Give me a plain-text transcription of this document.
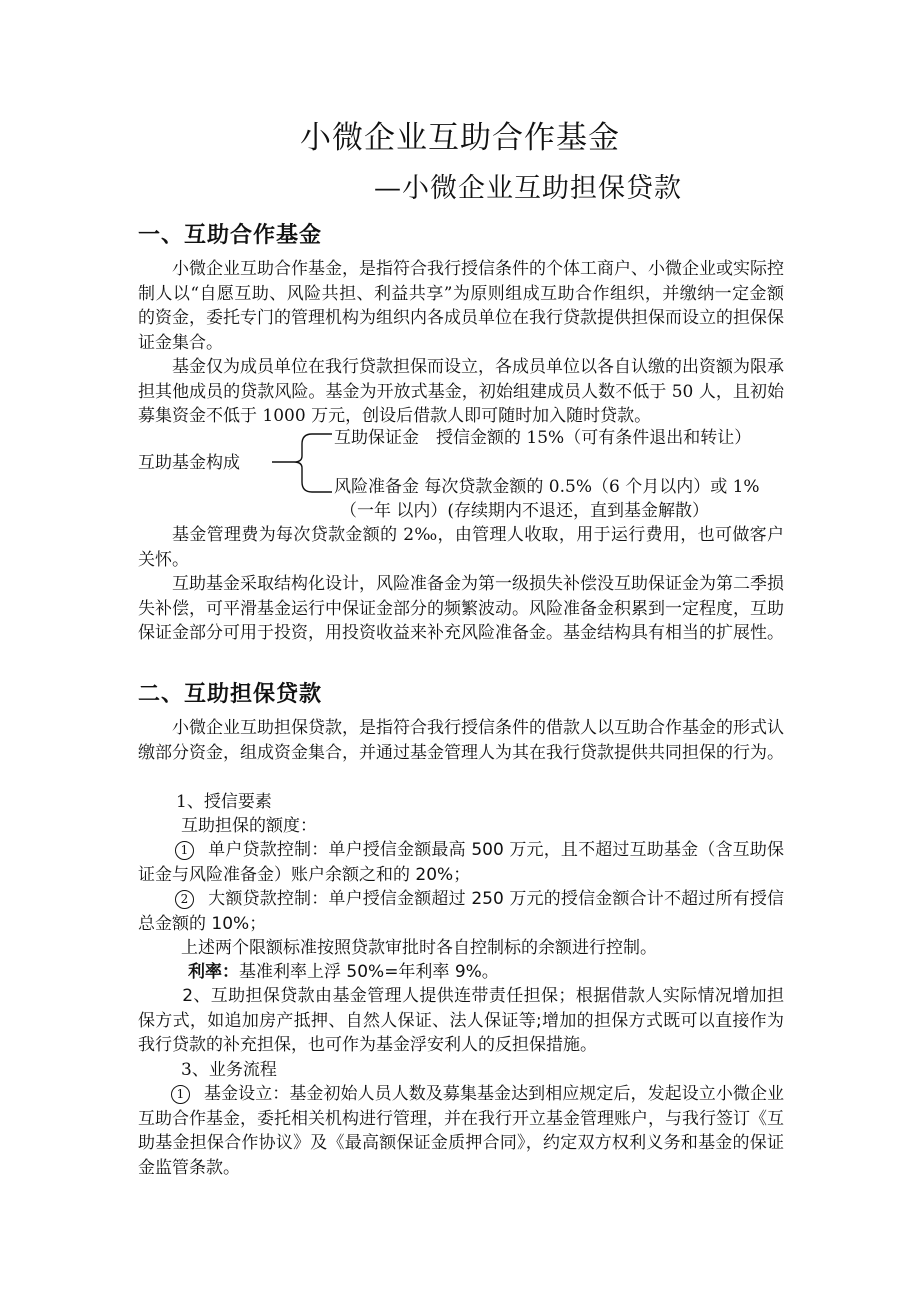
小微企业互助合作基金
—小微企业互助担保贷款
一、互助合作基金

小微企业互助合作基金，是指符合我行授信条件的个体工商户、小微企业或实际控制人以“自愿互助、风险共担、利益共享”为原则组成互助合作组织，并缴纳一定金额的资金，委托专门的管理机构为组织内各成员单位在我行贷款提供担保而设立的担保保证金集合。

基金仅为成员单位在我行贷款担保而设立，各成员单位以各自认缴的出资额为限承担其他成员的贷款风险。基金为开放式基金，初始组建成员人数不低于 50 人，且初始募集资金不低于 1000 万元，创设后借款人即可随时加入随时贷款。

互助基金构成
互助保证金　授信金额的 15%（可有条件退出和转让）
风险准备金 每次贷款金额的 0.5%（6 个月以内）或 1%
（一年 以内）(存续期内不退还，直到基金解散）

基金管理费为每次贷款金额的 2‰，由管理人收取，用于运行费用，也可做客户关怀。

互助基金采取结构化设计，风险准备金为第一级损失补偿没互助保证金为第二季损失补偿，可平滑基金运行中保证金部分的频繁波动。风险准备金积累到一定程度，互助保证金部分可用于投资，用投资收益来补充风险准备金。基金结构具有相当的扩展性。

二、互助担保贷款

小微企业互助担保贷款，是指符合我行授信条件的借款人以互助合作基金的形式认缴部分资金，组成资金集合，并通过基金管理人为其在我行贷款提供共同担保的行为。

1、授信要素
互助担保的额度：

1 单户贷款控制：单户授信金额最高 500 万元，且不超过互助基金（含互助保证金与风险准备金）账户余额之和的 20%；

2 大额贷款控制：单户授信金额超过 250 万元的授信金额合计不超过所有授信总金额的 10%；

上述两个限额标准按照贷款审批时各自控制标的余额进行控制。
利率：基准利率上浮 50%=年利率 9%。

2、互助担保贷款由基金管理人提供连带责任担保；根据借款人实际情况增加担保方式，如追加房产抵押、自然人保证、法人保证等;增加的担保方式既可以直接作为我行贷款的补充担保，也可作为基金浮安利人的反担保措施。

3、业务流程

1 基金设立：基金初始人员人数及募集基金达到相应规定后，发起设立小微企业互助合作基金，委托相关机构进行管理，并在我行开立基金管理账户，与我行签订《互助基金担保合作协议》及《最高额保证金质押合同》，约定双方权利义务和基金的保证金监管条款。
